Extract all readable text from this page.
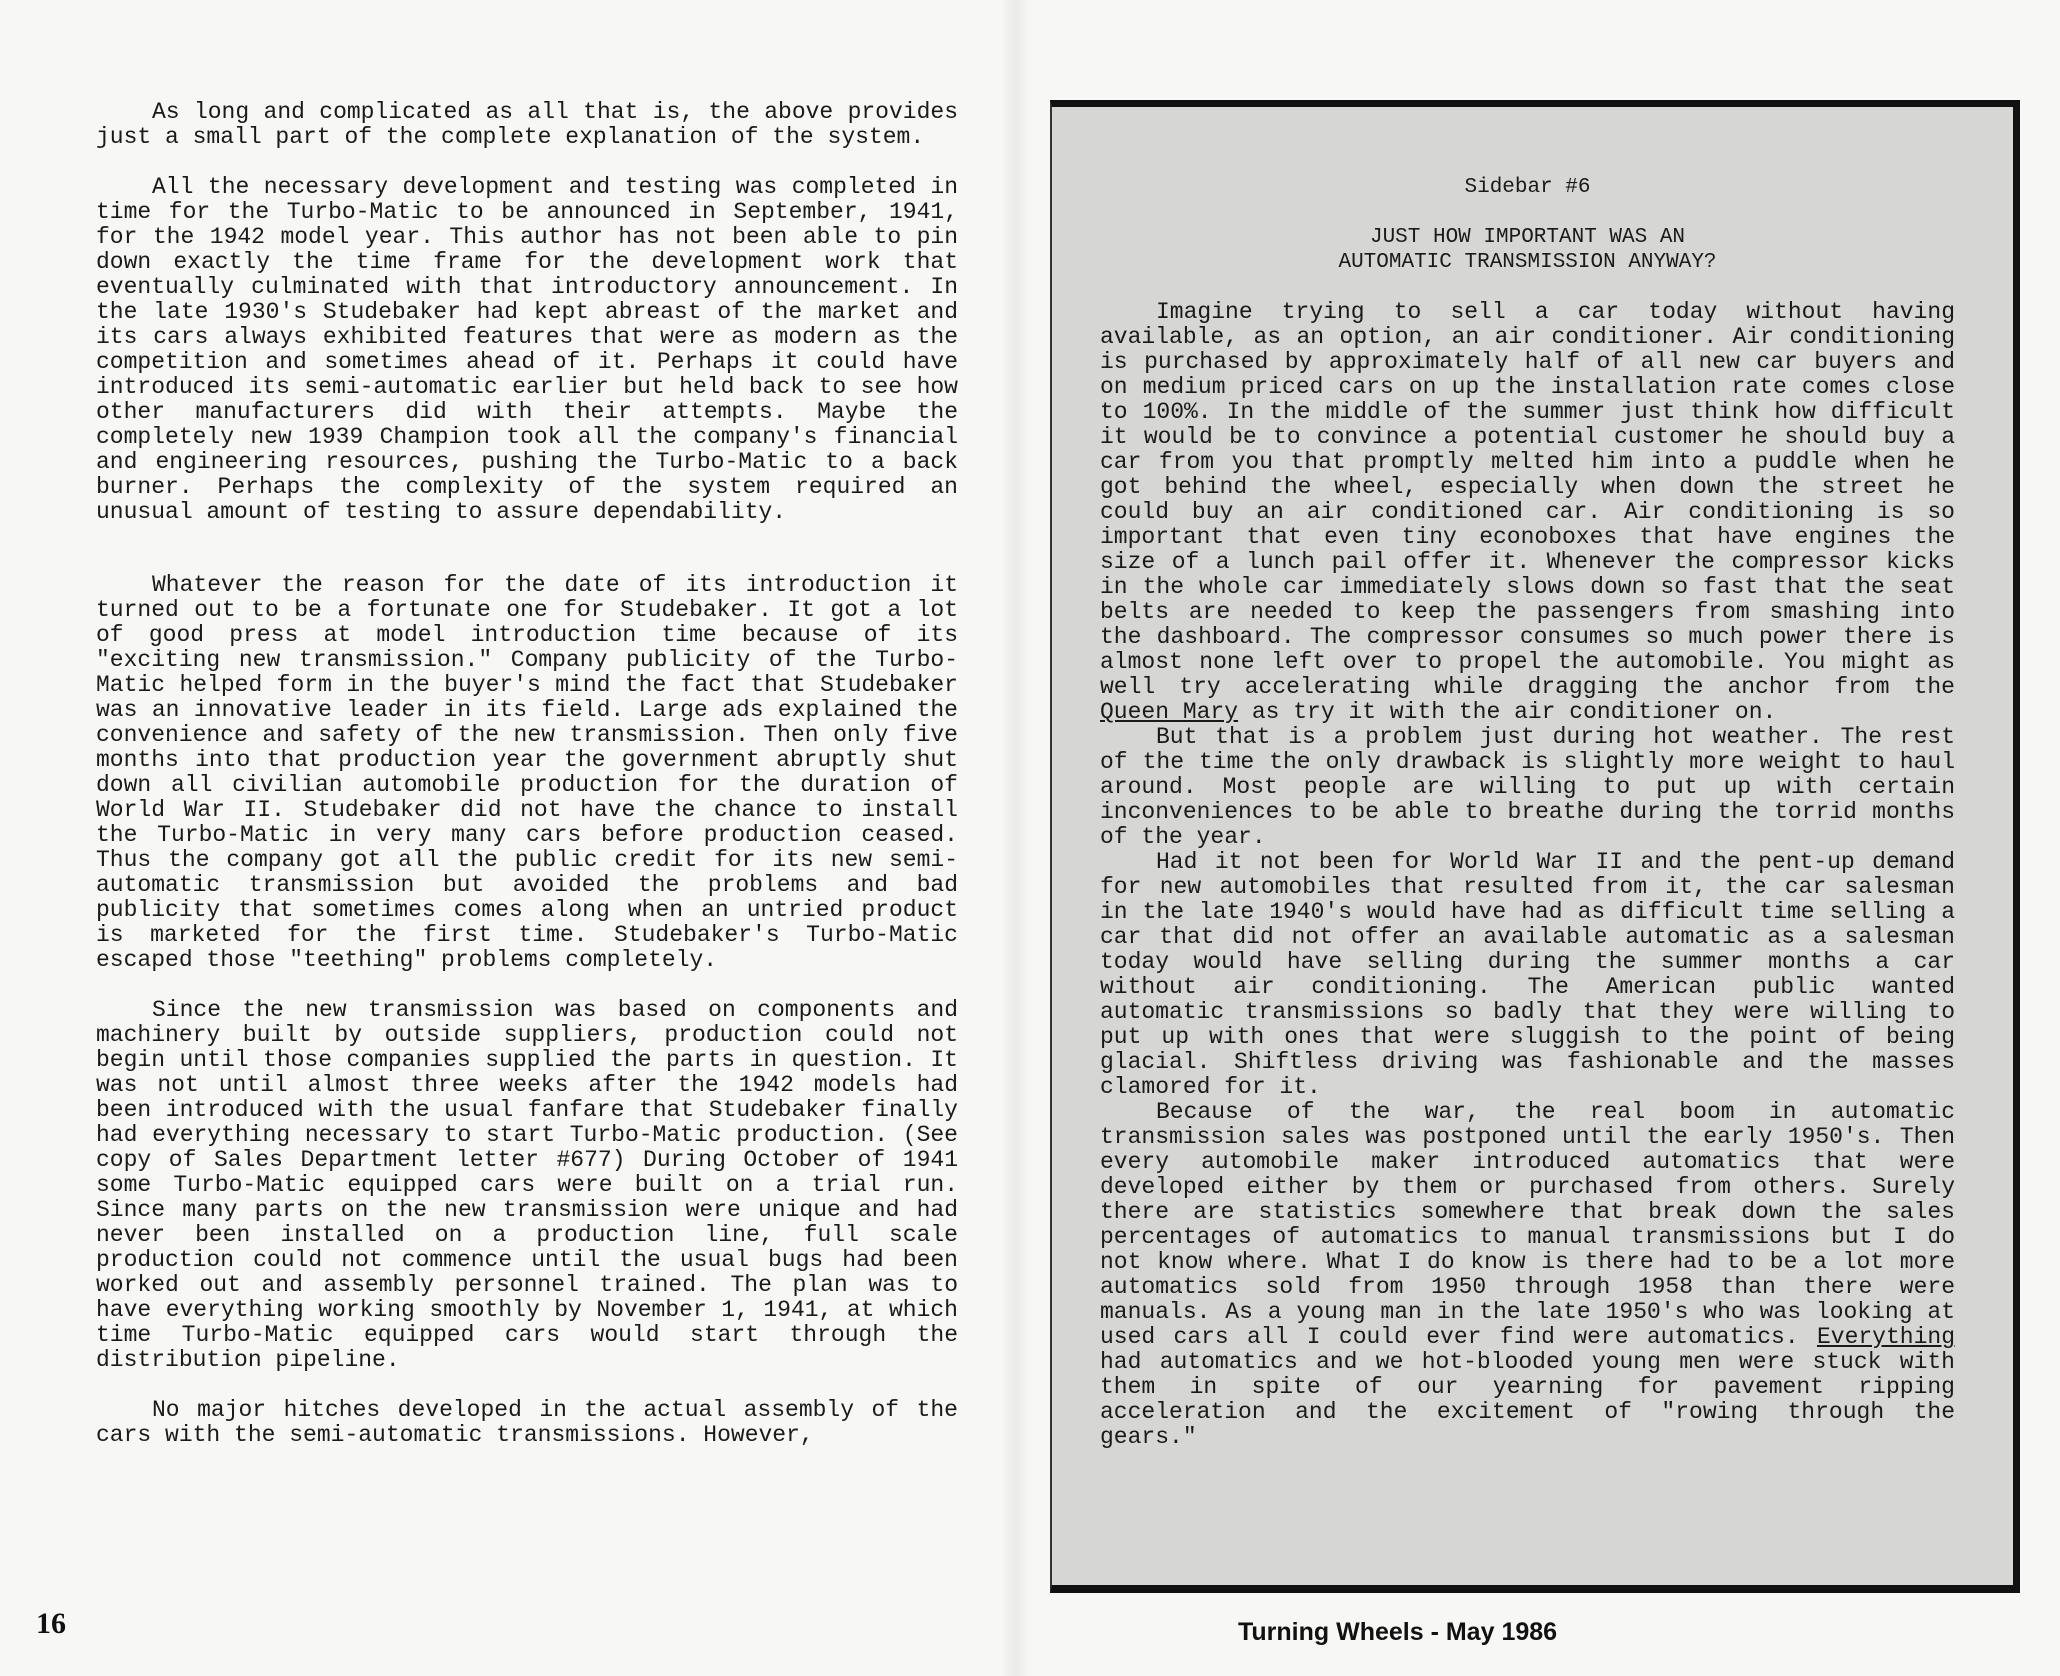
As long and complicated as all that is, the above provides just a small part of the complete explanation of the system.

All the necessary development and testing was completed in time for the Turbo-Matic to be announced in September, 1941, for the 1942 model year. This author has not been able to pin down exactly the time frame for the development work that eventually culminated with that introductory announcement. In the late 1930's Studebaker had kept abreast of the market and its cars always exhibited features that were as modern as the competition and sometimes ahead of it. Perhaps it could have introduced its semi-automatic earlier but held back to see how other manufacturers did with their attempts. Maybe the completely new 1939 Champion took all the company's financial and engineering resources, pushing the Turbo-Matic to a back burner. Perhaps the complexity of the system required an unusual amount of testing to assure dependability.

Whatever the reason for the date of its introduction it turned out to be a fortunate one for Studebaker. It got a lot of good press at model introduction time because of its "exciting new transmission." Company publicity of the Turbo-Matic helped form in the buyer's mind the fact that Studebaker was an innovative leader in its field. Large ads explained the convenience and safety of the new transmission. Then only five months into that production year the government abruptly shut down all civilian automobile production for the duration of World War II. Studebaker did not have the chance to install the Turbo-Matic in very many cars before production ceased. Thus the company got all the public credit for its new semi-automatic transmission but avoided the problems and bad publicity that sometimes comes along when an untried product is marketed for the first time. Studebaker's Turbo-Matic escaped those "teething" problems completely.

Since the new transmission was based on components and machinery built by outside suppliers, production could not begin until those companies supplied the parts in question. It was not until almost three weeks after the 1942 models had been introduced with the usual fanfare that Studebaker finally had everything necessary to start Turbo-Matic production. (See copy of Sales Department letter #677) During October of 1941 some Turbo-Matic equipped cars were built on a trial run. Since many parts on the new transmission were unique and had never been installed on a production line, full scale production could not commence until the usual bugs had been worked out and assembly personnel trained. The plan was to have everything working smoothly by November 1, 1941, at which time Turbo-Matic equipped cars would start through the distribution pipeline.

No major hitches developed in the actual assembly of the cars with the semi-automatic transmissions. However,

16
Sidebar #6
JUST HOW IMPORTANT WAS AN
AUTOMATIC TRANSMISSION ANYWAY?

Imagine trying to sell a car today without having available, as an option, an air conditioner. Air conditioning is purchased by approximately half of all new car buyers and on medium priced cars on up the installation rate comes close to 100%. In the middle of the summer just think how difficult it would be to convince a potential customer he should buy a car from you that promptly melted him into a puddle when he got behind the wheel, especially when down the street he could buy an air conditioned car. Air conditioning is so important that even tiny econoboxes that have engines the size of a lunch pail offer it. Whenever the compressor kicks in the whole car immediately slows down so fast that the seat belts are needed to keep the passengers from smashing into the dashboard. The compressor consumes so much power there is almost none left over to propel the automobile. You might as well try accelerating while dragging the anchor from the Queen Mary as try it with the air conditioner on.

But that is a problem just during hot weather. The rest of the time the only drawback is slightly more weight to haul around. Most people are willing to put up with certain inconveniences to be able to breathe during the torrid months of the year.

Had it not been for World War II and the pent-up demand for new automobiles that resulted from it, the car salesman in the late 1940's would have had as difficult time selling a car that did not offer an available automatic as a salesman today would have selling during the summer months a car without air conditioning. The American public wanted automatic transmissions so badly that they were willing to put up with ones that were sluggish to the point of being glacial. Shiftless driving was fashionable and the masses clamored for it.

Because of the war, the real boom in automatic transmission sales was postponed until the early 1950's. Then every automobile maker introduced automatics that were developed either by them or purchased from others. Surely there are statistics somewhere that break down the sales percentages of automatics to manual transmissions but I do not know where. What I do know is there had to be a lot more automatics sold from 1950 through 1958 than there were manuals. As a young man in the late 1950's who was looking at used cars all I could ever find were automatics. Everything had automatics and we hot-blooded young men were stuck with them in spite of our yearning for pavement ripping acceleration and the excitement of "rowing through the gears."

Turning Wheels - May 1986
